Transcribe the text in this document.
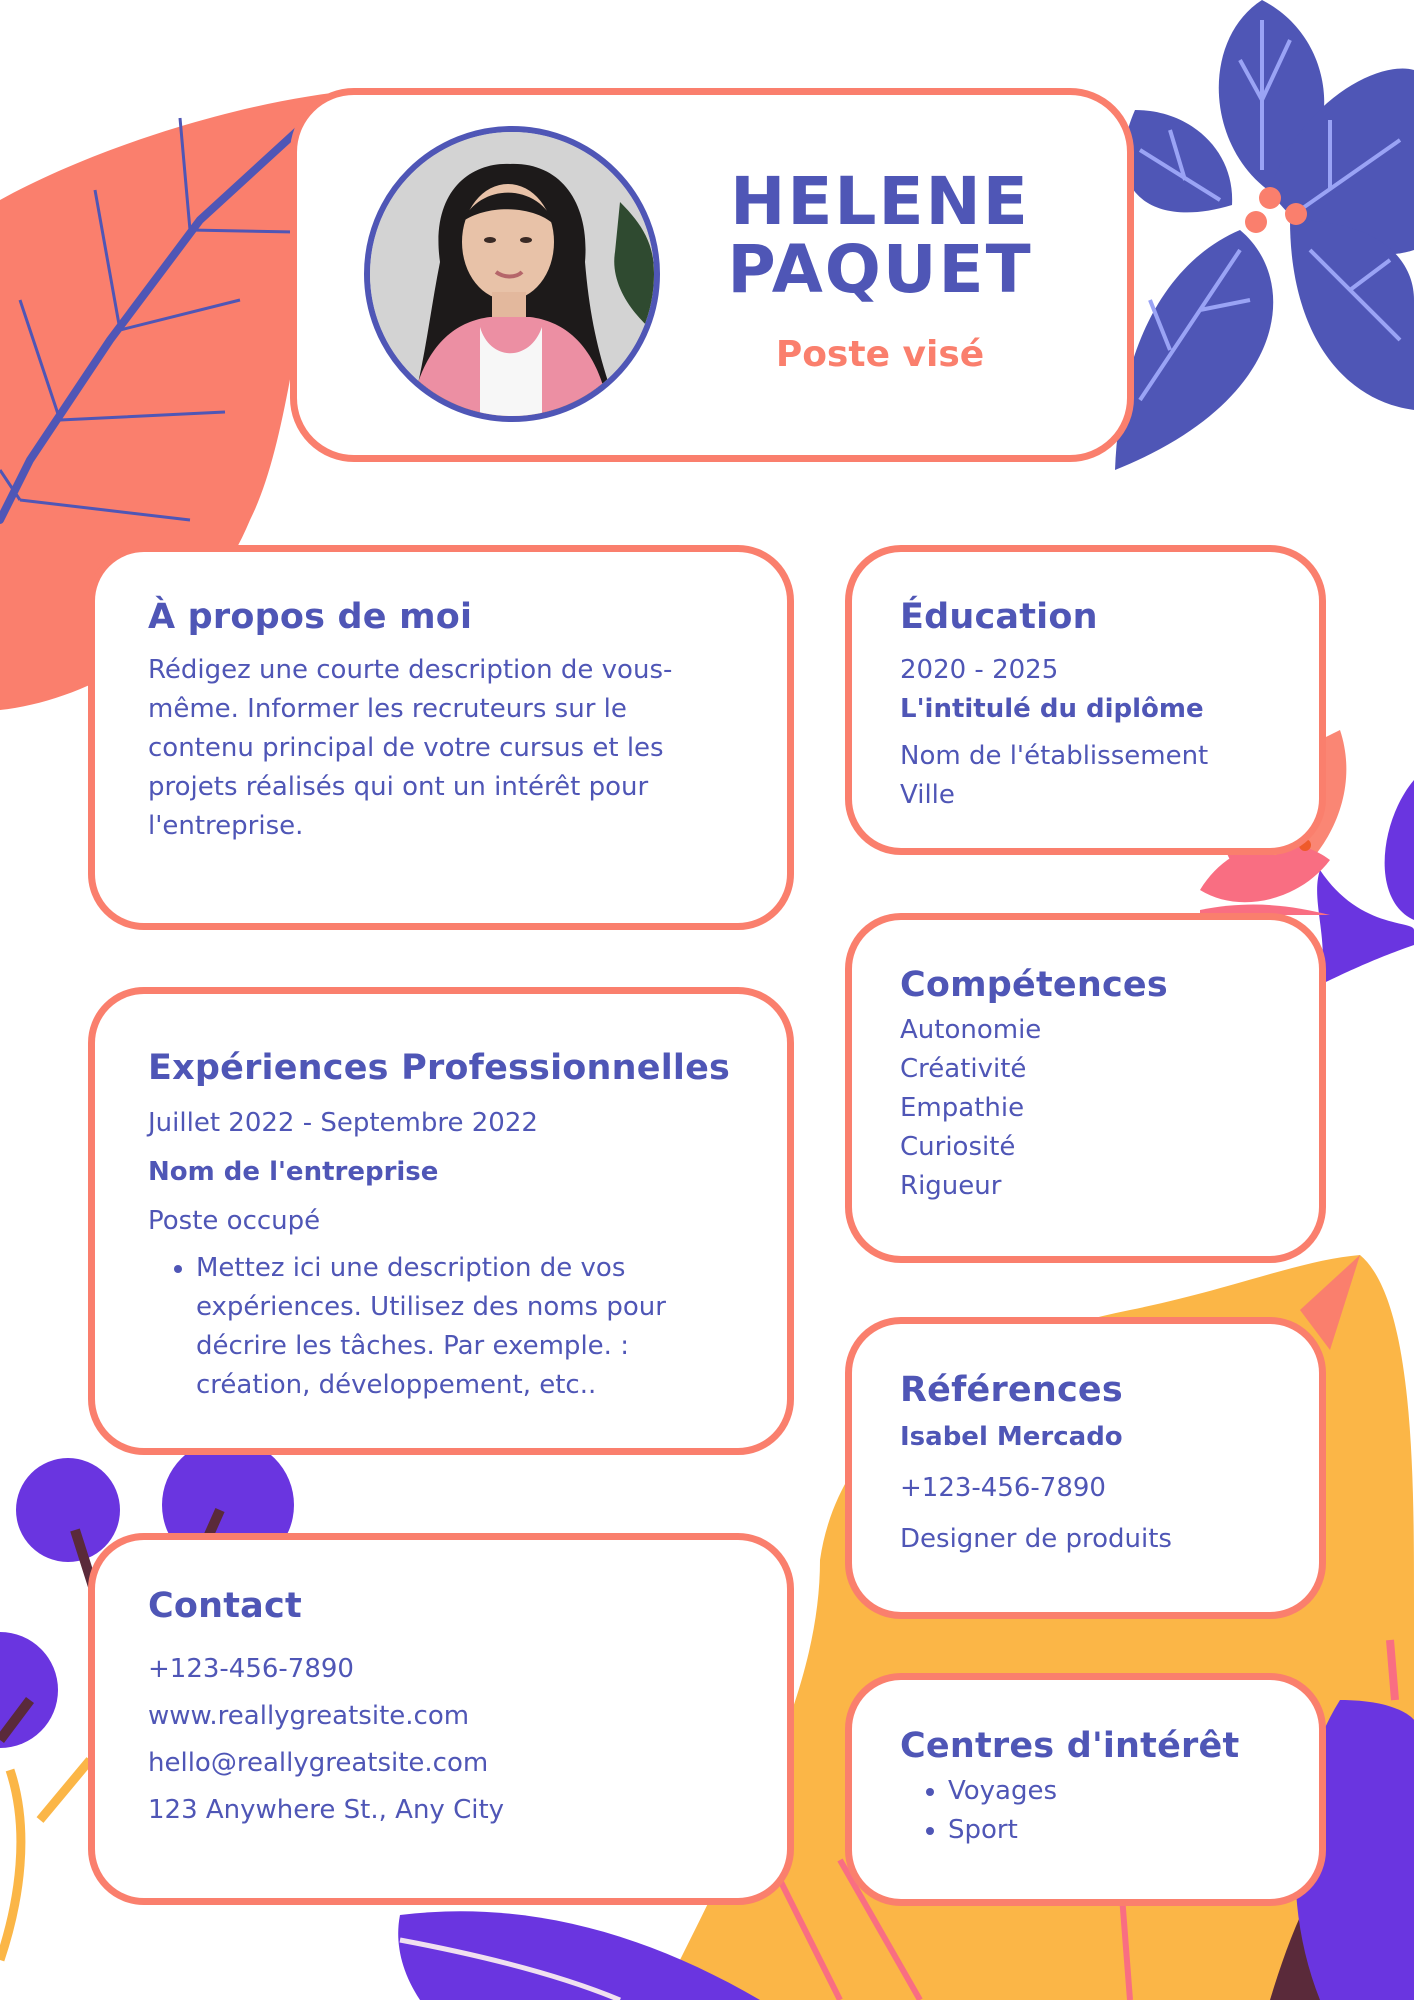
HELENE
PAQUET
Poste visé
À propos de moi
Rédigez une courte description de vous-
même. Informer les recruteurs sur le
contenu principal de votre cursus et les
projets réalisés qui ont un intérêt pour
l'entreprise.
Éducation
2020 - 2025
L'intitulé du diplôme
Nom de l'établissement
Ville
Compétences
Autonomie
Créativité
Empathie
Curiosité
Rigueur
Expériences Professionnelles
Juillet 2022 - Septembre 2022
Nom de l'entreprise
Poste occupé
• Mettez ici une description de vos
expériences. Utilisez des noms pour
décrire les tâches. Par exemple. :
création, développement, etc..	Références
Isabel Mercado
+123-456-7890
Designer de produits
Contact
+123-456-7890
www.reallygreatsite.com
hello@reallygreatsite.com
123 Anywhere St., Any City
Centres d'intérêt
• Voyages
• Sport
